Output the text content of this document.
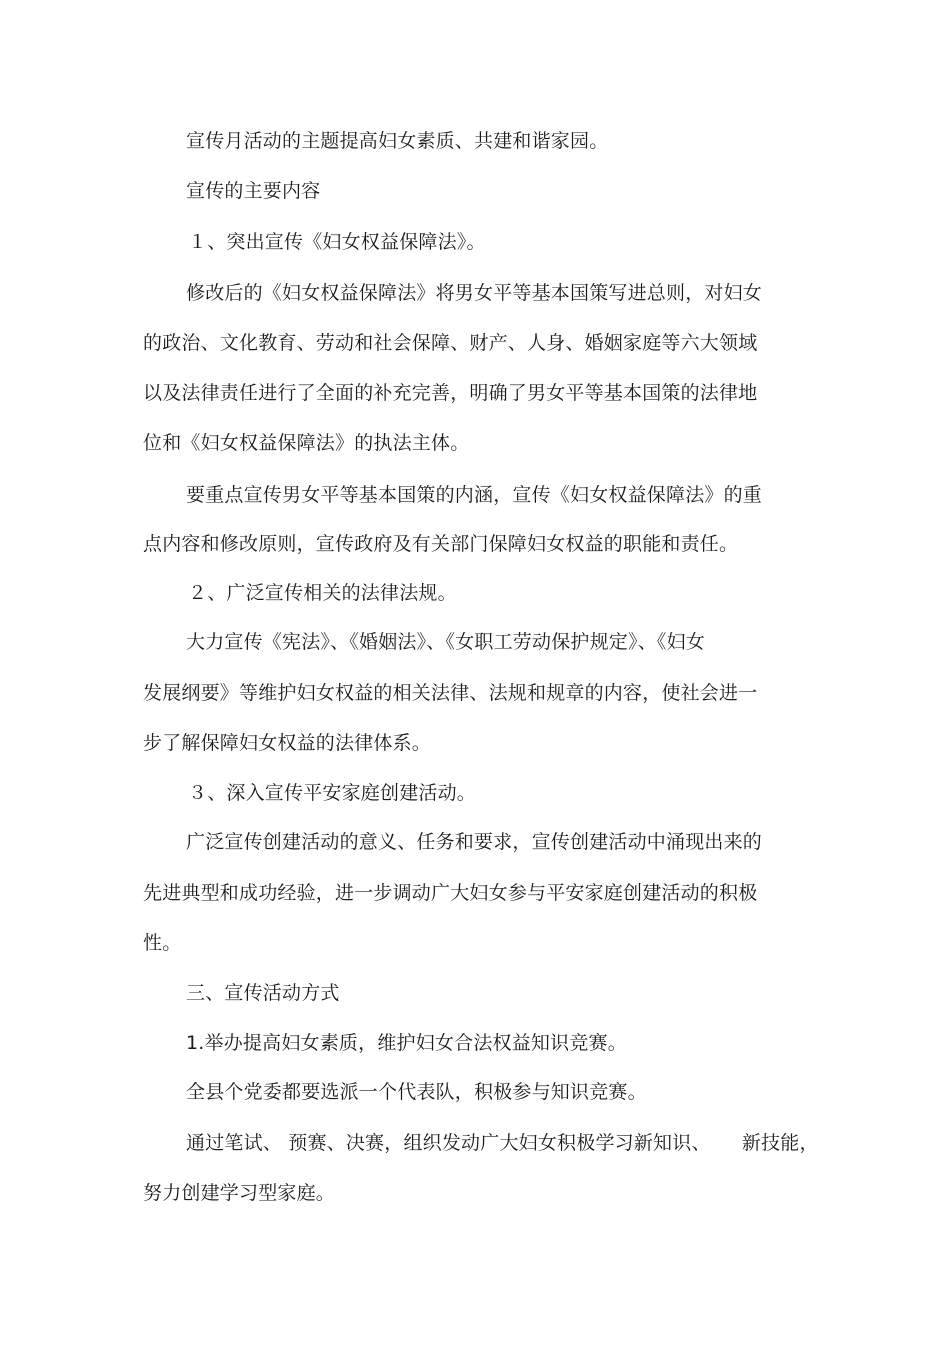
宣传月活动的主题提高妇女素质、共建和谐家园。
宣传的主要内容
１、突出宣传《妇女权益保障法》。
修改后的《妇女权益保障法》将男女平等基本国策写进总则，对妇女
的政治、文化教育、劳动和社会保障、财产、人身、婚姻家庭等六大领域
以及法律责任进行了全面的补充完善，明确了男女平等基本国策的法律地
位和《妇女权益保障法》的执法主体。
要重点宣传男女平等基本国策的内涵，宣传《妇女权益保障法》的重
点内容和修改原则，宣传政府及有关部门保障妇女权益的职能和责任。
２、广泛宣传相关的法律法规。
大力宣传《宪法》、《婚姻法》、《女职工劳动保护规定》、《妇女
发展纲要》等维护妇女权益的相关法律、法规和规章的内容，使社会进一
步了解保障妇女权益的法律体系。
３、深入宣传平安家庭创建活动。
广泛宣传创建活动的意义、任务和要求，宣传创建活动中涌现出来的
先进典型和成功经验，进一步调动广大妇女参与平安家庭创建活动的积极
性。
三、宣传活动方式
1.举办提高妇女素质，维护妇女合法权益知识竞赛。
全县个党委都要选派一个代表队，积极参与知识竞赛。
通过笔试、 预赛、决赛，组织发动广大妇女积极学习新知识、     新技能，
努力创建学习型家庭。
